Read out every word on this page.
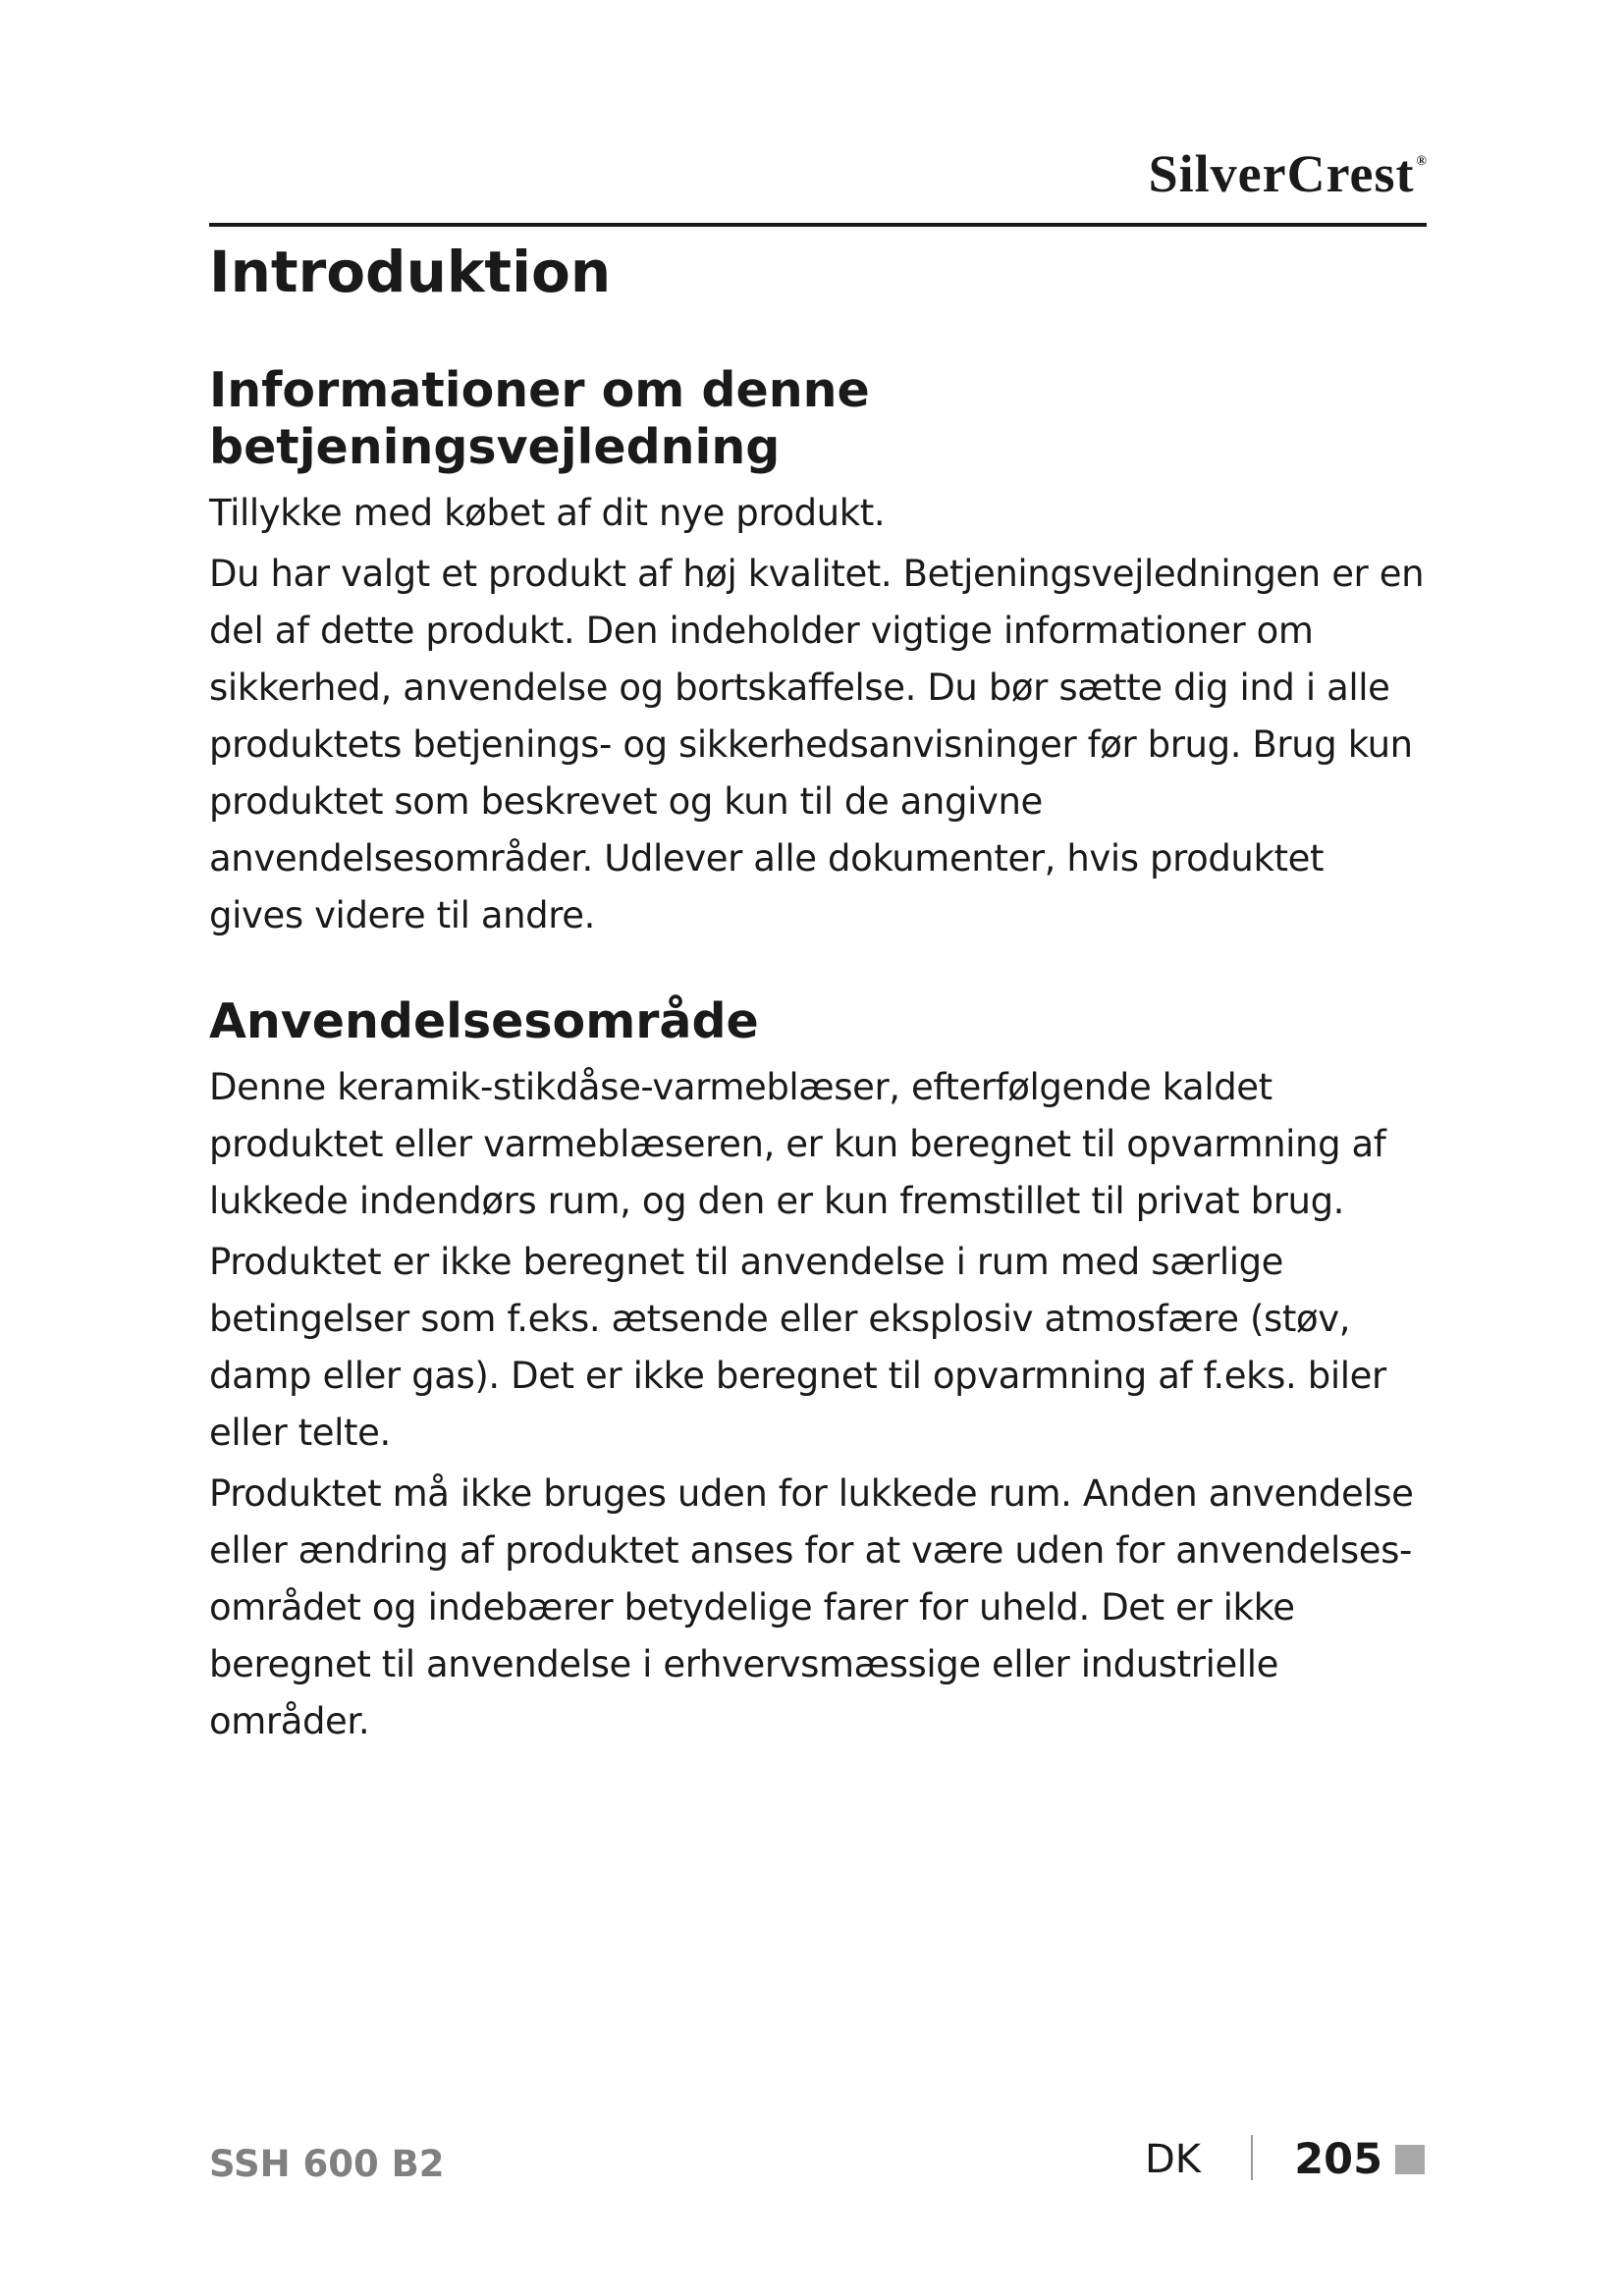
SilverCrest ®
Introduktion
Informationer om denne betjeningsvejledning

Tillykke med købet af dit nye produkt.

Du har valgt et produkt af høj kvalitet. Betjeningsvejledningen er en del af dette produkt. Den indeholder vigtige informationer om sikkerhed, anvendelse og bortskaffelse. Du bør sætte dig ind i alle produktets betjenings- og sikkerhedsanvisninger før brug. Brug kun produktet som beskrevet og kun til de angivne anvendelsesområder. Udlever alle dokumenter, hvis produktet gives videre til andre.

Anvendelsesområde

Denne keramik-stikdåse-varmeblæser, efterfølgende kaldet produktet eller varmeblæseren, er kun beregnet til opvarmning af lukkede indendørs rum, og den er kun fremstillet til privat brug.

Produktet er ikke beregnet til anvendelse i rum med særlige betingelser som f.eks. ætsende eller eksplosiv atmosfære (støv, damp eller gas). Det er ikke beregnet til opvarmning af f.eks. biler eller telte.

Produktet må ikke bruges uden for lukkede rum. Anden anvendelse eller ændring af produktet anses for at være uden for anvendelsesområdet og indebærer betydelige farer for uheld. Det er ikke beregnet til anvendelse i erhvervsmæssige eller industrielle områder.

SSH 600 B2	DK 205
